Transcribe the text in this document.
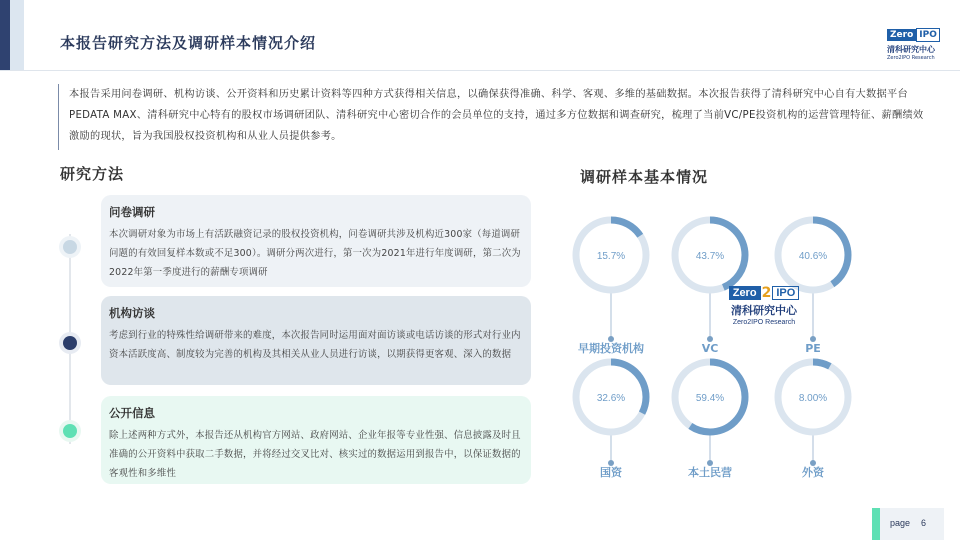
本报告研究方法及调研样本情况介绍	Zero IPO
清科研究中心
Zero2IPO Research
本报告采用问卷调研、机构访谈、公开资料和历史累计资料等四种方式获得相关信息，以确保获得准确、科学、客观、多维的基础数据。本次报告获得了清科研究中心自有大数据平台PEDATA MAX、清科研究中心特有的股权市场调研团队、清科研究中心密切合作的会员单位的支持，通过多方位数据和调查研究，梳理了当前VC/PE投资机构的运营管理特征、薪酬绩效激励的现状，旨为我国股权投资机构和从业人员提供参考。
研究方法	调研样本基本情况
问卷调研
本次调研对象为市场上有活跃融资记录的股权投资机构，问卷调研共涉及机构近300家（每道调研问题的有效回复样本数或不足300）。调研分两次进行，第一次为2021年进行年度调研，第二次为2022年第一季度进行的薪酬专项调研
机构访谈
考虑到行业的特殊性给调研带来的难度，本次报告同时运用面对面访谈或电话访谈的形式对行业内资本活跃度高、制度较为完善的机构及其相关从业人员进行访谈，以期获得更客观、深入的数据
公开信息
除上述两种方式外，本报告还从机构官方网站、政府网站、企业年报等专业性强、信息披露及时且准确的公开资料中获取二手数据，并将经过交叉比对、核实过的数据运用到报告中，以保证数据的客观性和多维性
15.7%
早期投资机构
43.7%
VC
40.6%
PE
32.6%
国资
59.4%
本土民营
8.00%
外资
Zero 2 IPO
清科研究中心
Zero2IPO Research
page 6
